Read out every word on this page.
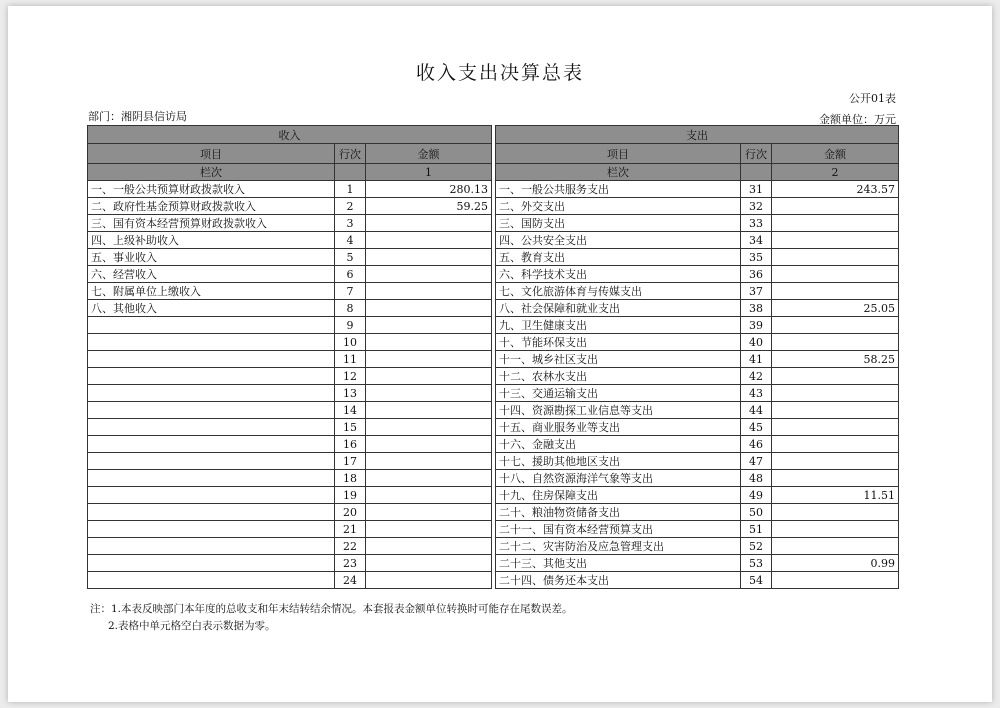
收入支出决算总表
公开01表
部门：湘阴县信访局	金额单位：万元
收入				支出		
项目	行次	金额		项目	行次	金额
栏次		1		栏次		2
一、一般公共预算财政拨款收入	1	280.13		一、一般公共服务支出	31	243.57
二、政府性基金预算财政拨款收入	2	59.25		二、外交支出	32	
三、国有资本经营预算财政拨款收入	3			三、国防支出	33	
四、上级补助收入	4			四、公共安全支出	34	
五、事业收入	5			五、教育支出	35	
六、经营收入	6			六、科学技术支出	36	
七、附属单位上缴收入	7			七、文化旅游体育与传媒支出	37	
八、其他收入	8			八、社会保障和就业支出	38	25.05
	9			九、卫生健康支出	39	
	10			十、节能环保支出	40	
	11			十一、城乡社区支出	41	58.25
	12			十二、农林水支出	42	
	13			十三、交通运输支出	43	
	14			十四、资源勘探工业信息等支出	44	
	15			十五、商业服务业等支出	45	
	16			十六、金融支出	46	
	17			十七、援助其他地区支出	47	
	18			十八、自然资源海洋气象等支出	48	
	19			十九、住房保障支出	49	11.51
	20			二十、粮油物资储备支出	50	
	21			二十一、国有资本经营预算支出	51	
	22			二十二、灾害防治及应急管理支出	52	
	23			二十三、其他支出	53	0.99
	24			二十四、债务还本支出	54	
注：1.本表反映部门本年度的总收支和年末结转结余情况。本套报表金额单位转换时可能存在尾数误差。
2.表格中单元格空白表示数据为零。
